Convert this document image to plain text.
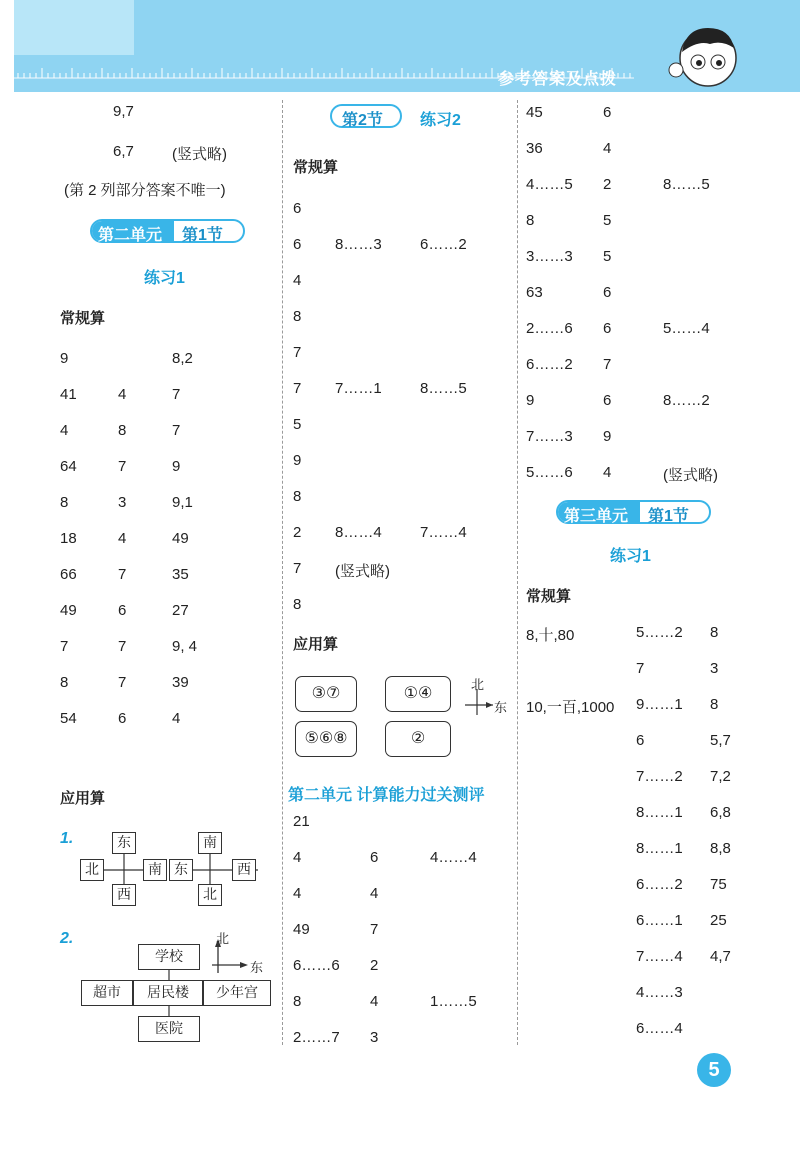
参考答案及点拨
9,7
6,7	(竖式略)
(第 2 列部分答案不唯一)
第二单元 第1节
练习1
常规算
9	8,2
41	4	7
4	8	7
64	7	9
8	3	9,1
18	4	49
66	7	35
49	6	27
7	7	9, 4
8	7	39
54	6	4
应用算
1.	东
北	南
西
南
东	西
北
2.
学校
超市	居民楼	少年宫
医院
北
东
第2节 练习2
常规算
6
6 8……3	6……2
4
8
7
7 7……1	8……5
5
9
8
2 8……4	7……4
7 (竖式略)
8
应用算
③⑦	①④
⑤⑥⑧	②
北
东
第二单元 计算能力过关测评
21
4	6	4……4
4	4
49	7
6……6 2
8	4	1……5
2……7 3
45	6
36	4
4……5 2	8……5
8	5
3……3 5
63	6
2……6 6	5……4
6……2 7
9	6	8……2
7……3 9
5……6 4	(竖式略)
第三单元 第1节
练习1
常规算
8,十,80	5……2 8
7	3
10,一百,1000 9……1 8
6	5,7
7……2 7,2
8……1 6,8
8……1 8,8
6……2 75
6……1 25
7……4 4,7
4……3
6……4
5
